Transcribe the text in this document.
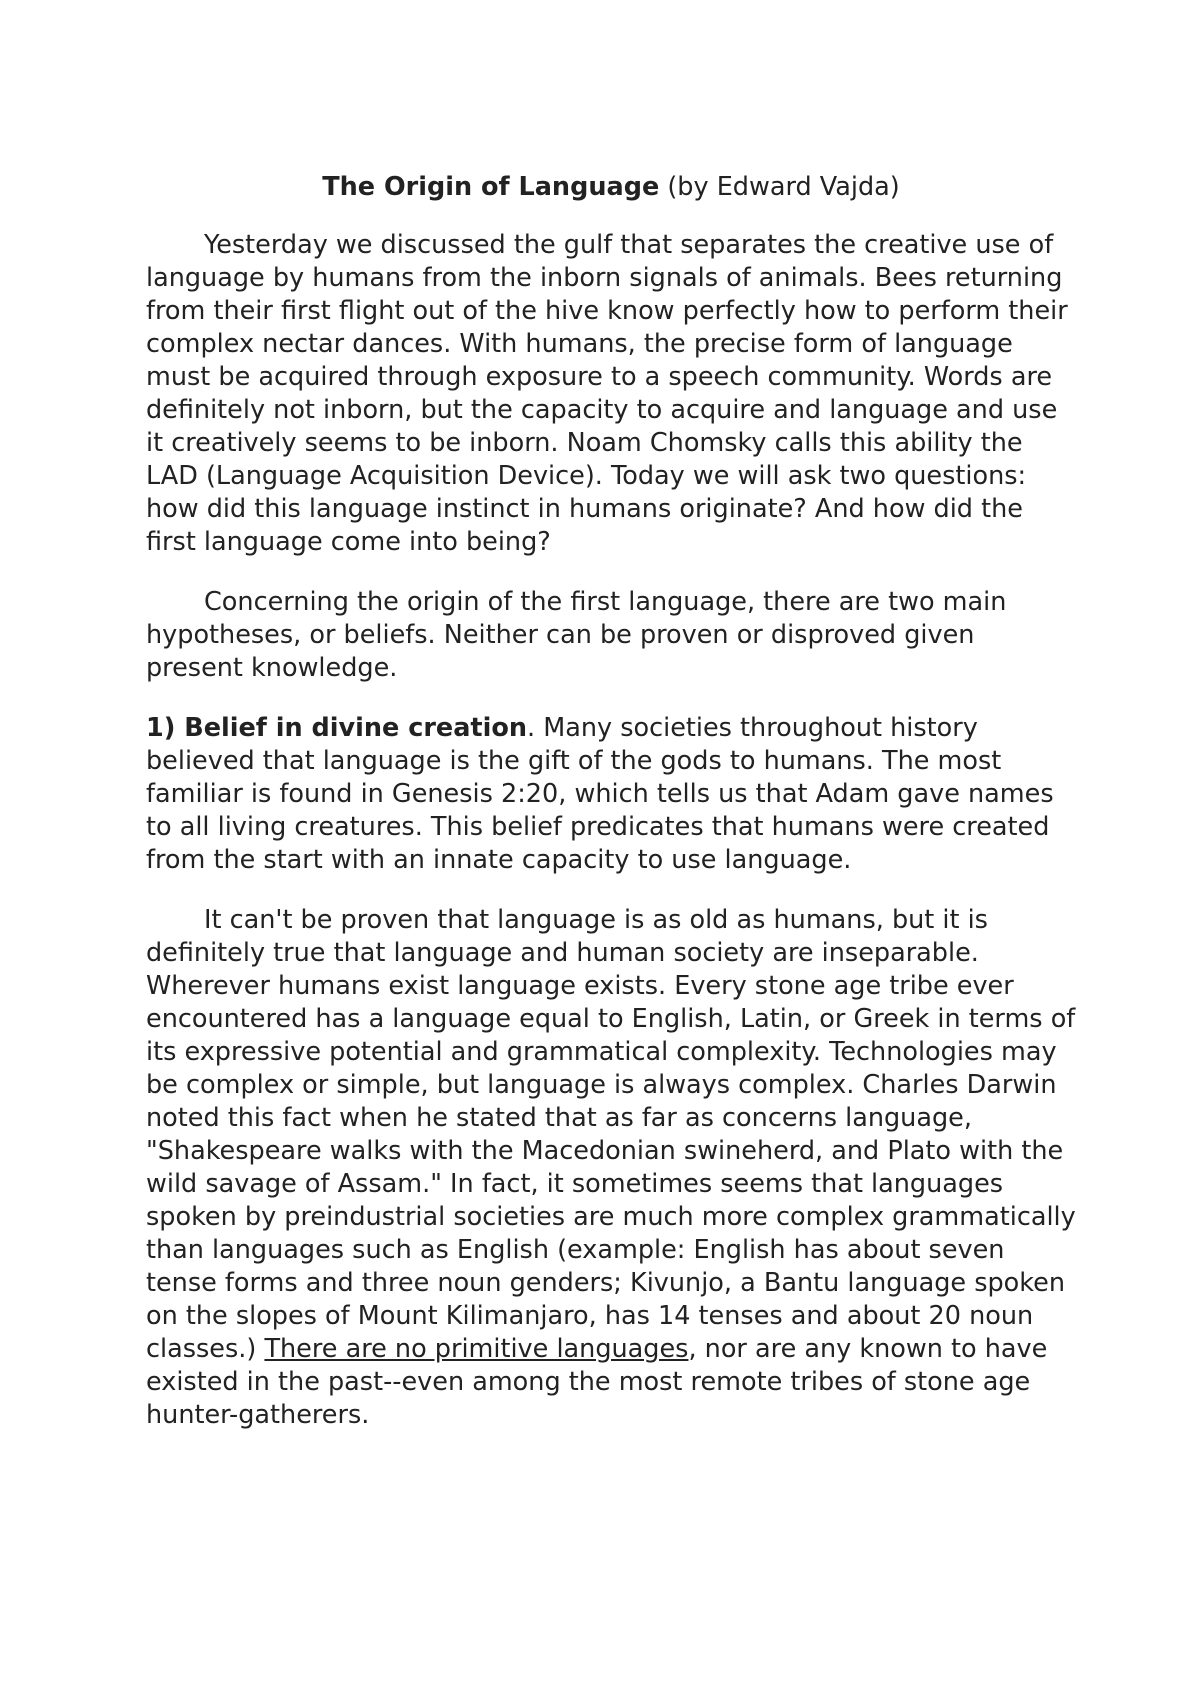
The Origin of Language (by Edward Vajda)

Yesterday we discussed the gulf that separates the creative use of language by humans from the inborn signals of animals. Bees returning from their first flight out of the hive know perfectly how to perform their complex nectar dances. With humans, the precise form of language must be acquired through exposure to a speech community. Words are definitely not inborn, but the capacity to acquire and language and use it creatively seems to be inborn. Noam Chomsky calls this ability the LAD (Language Acquisition Device). Today we will ask two questions: how did this language instinct in humans originate? And how did the first language come into being?

Concerning the origin of the first language, there are two main hypotheses, or beliefs. Neither can be proven or disproved given present knowledge.

1) Belief in divine creation. Many societies throughout history believed that language is the gift of the gods to humans. The most familiar is found in Genesis 2:20, which tells us that Adam gave names to all living creatures. This belief predicates that humans were created from the start with an innate capacity to use language.

It can't be proven that language is as old as humans, but it is definitely true that language and human society are inseparable. Wherever humans exist language exists. Every stone age tribe ever encountered has a language equal to English, Latin, or Greek in terms of its expressive potential and grammatical complexity. Technologies may be complex or simple, but language is always complex. Charles Darwin noted this fact when he stated that as far as concerns language, "Shakespeare walks with the Macedonian swineherd, and Plato with the wild savage of Assam." In fact, it sometimes seems that languages spoken by preindustrial societies are much more complex grammatically than languages such as English (example: English has about seven tense forms and three noun genders; Kivunjo, a Bantu language spoken on the slopes of Mount Kilimanjaro, has 14 tenses and about 20 noun classes.) There are no primitive languages, nor are any known to have existed in the past--even among the most remote tribes of stone age hunter-gatherers.
